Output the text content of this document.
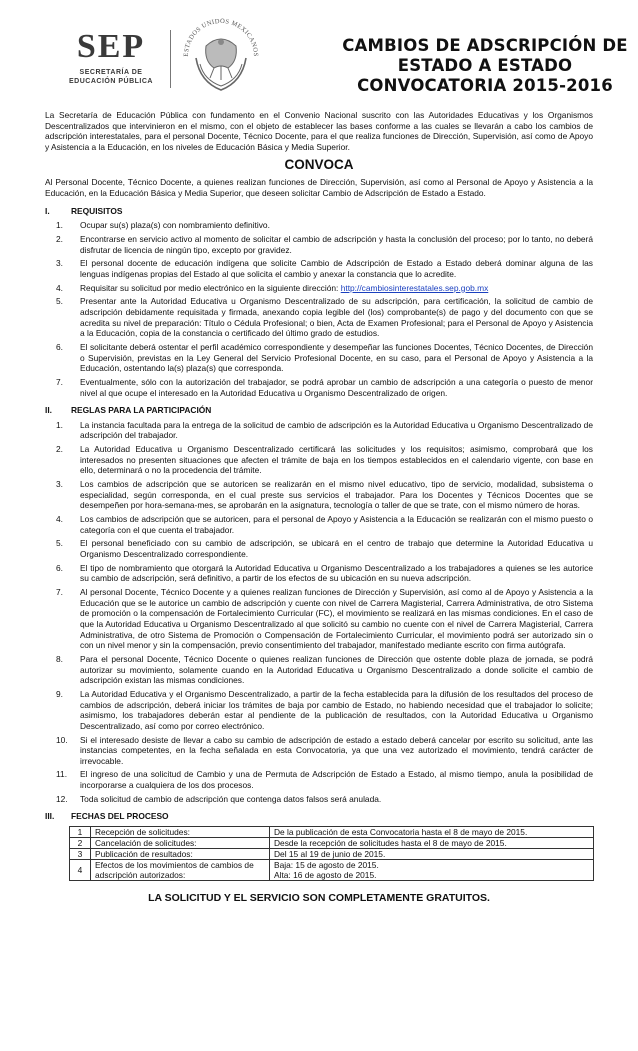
SEP
SECRETARÍA DE
EDUCACIÓN PÚBLICA
ESTADOS UNIDOS MEXICANOS	CAMBIOS DE ADSCRIPCIÓN DE
ESTADO A ESTADO
CONVOCATORIA 2015-2016

La Secretaría de Educación Pública con fundamento en el Convenio Nacional suscrito con las Autoridades Educativas y los Organismos Descentralizados que intervinieron en el mismo, con el objeto de establecer las bases conforme a las cuales se llevarán a cabo los cambios de adscripción interestatales, para el personal Docente, Técnico Docente, para el que realiza funciones de Dirección, Supervisión, así como de Apoyo y Asistencia a la Educación, en los niveles de Educación Básica y Media Superior.

CONVOCA

Al Personal Docente, Técnico Docente, a quienes realizan funciones de Dirección, Supervisión, así como al Personal de Apoyo y Asistencia a la Educación, en la Educación Básica y Media Superior, que deseen solicitar Cambio de Adscripción de Estado a Estado.

I.	REQUISITOS
1. Ocupar su(s) plaza(s) con nombramiento definitivo.
2. Encontrarse en servicio activo al momento de solicitar el cambio de adscripción y hasta la conclusión del proceso; por lo tanto, no deberá disfrutar de licencia de ningún tipo, excepto por gravidez.
3. El personal docente de educación indígena que solicite Cambio de Adscripción de Estado a Estado deberá dominar alguna de las lenguas indígenas propias del Estado al que solicita el cambio y anexar la constancia que lo acredite.
4. Requisitar su solicitud por medio electrónico en la siguiente dirección: http://cambiosinterestatales.sep.gob.mx
5. Presentar ante la Autoridad Educativa u Organismo Descentralizado de su adscripción, para certificación, la solicitud de cambio de adscripción debidamente requisitada y firmada, anexando copia legible del (los) comprobante(s) de pago y del documento con que se acredita su nivel de preparación: Título o Cédula Profesional; o bien, Acta de Examen Profesional; para el Personal de Apoyo y Asistencia a la Educación, copia de la constancia o certificado del último grado de estudios.
6. El solicitante deberá ostentar el perfil académico correspondiente y desempeñar las funciones Docentes, Técnico Docentes, de Dirección o Supervisión, previstas en la Ley General del Servicio Profesional Docente, en su caso, para el Personal de Apoyo y Asistencia a la Educación, ostentando la(s) plaza(s) que corresponda.
7. Eventualmente, sólo con la autorización del trabajador, se podrá aprobar un cambio de adscripción a una categoría o puesto de menor nivel al que ocupe el interesado en la Autoridad Educativa u Organismo Descentralizado de origen.
II. REGLAS PARA LA PARTICIPACIÓN
1. La instancia facultada para la entrega de la solicitud de cambio de adscripción es la Autoridad Educativa u Organismo Descentralizado de adscripción del trabajador.
2. La Autoridad Educativa u Organismo Descentralizado certificará las solicitudes y los requisitos; asimismo, comprobará que los interesados no presenten situaciones que afecten el trámite de baja en los tiempos establecidos en el calendario vigente, con base en ello, determinará o no la procedencia del trámite.
3. Los cambios de adscripción que se autoricen se realizarán en el mismo nivel educativo, tipo de servicio, modalidad, subsistema o especialidad, según corresponda, en el cual preste sus servicios el trabajador. Para los Docentes y Técnicos Docentes que se desempeñen por hora-semana-mes, se aprobarán en la asignatura, tecnología o taller de que se trate, con el mismo número de horas.
4. Los cambios de adscripción que se autoricen, para el personal de Apoyo y Asistencia a la Educación se realizarán con el mismo puesto o categoría con el que cuenta el trabajador.
5. El personal beneficiado con su cambio de adscripción, se ubicará en el centro de trabajo que determine la Autoridad Educativa u Organismo Descentralizado correspondiente.
6. El tipo de nombramiento que otorgará la Autoridad Educativa u Organismo Descentralizado a los trabajadores a quienes se les autorice su cambio de adscripción, será definitivo, a partir de los efectos de su ubicación en su nueva adscripción.
7. Al personal Docente, Técnico Docente y a quienes realizan funciones de Dirección y Supervisión, así como al de Apoyo y Asistencia a la Educación que se le autorice un cambio de adscripción y cuente con nivel de Carrera Magisterial, Carrera Administrativa, de otro Sistema de promoción o la compensación de Fortalecimiento Curricular (FC), el movimiento se realizará en las mismas condiciones. En el caso de que la Autoridad Educativa u Organismo Descentralizado al que solicitó su cambio no cuente con el nivel de Carrera Magisterial, Carrera Administrativa, de otro Sistema de Promoción o Compensación de Fortalecimiento Curricular, el movimiento podrá ser autorizado sin o con un nivel menor y sin la compensación, previo consentimiento del trabajador, manifestado mediante escrito con firma autógrafa.
8. Para el personal Docente, Técnico Docente o quienes realizan funciones de Dirección que ostente doble plaza de jornada, se podrá autorizar su movimiento, solamente cuando en la Autoridad Educativa u Organismo Descentralizado a donde solicite el cambio de adscripción existan las mismas condiciones.
9. La Autoridad Educativa y el Organismo Descentralizado, a partir de la fecha establecida para la difusión de los resultados del proceso de cambios de adscripción, deberá iniciar los trámites de baja por cambio de Estado, no habiendo necesidad que el trabajador lo solicite; asimismo, los trabajadores deberán estar al pendiente de la publicación de resultados, con la Autoridad Educativa u Organismo Descentralizado, así como por correo electrónico.
10. Si el interesado desiste de llevar a cabo su cambio de adscripción de estado a estado deberá cancelar por escrito su solicitud, ante las instancias competentes, en la fecha señalada en esta Convocatoria, ya que una vez autorizado el movimiento, tendrá carácter de irrevocable.
11. El ingreso de una solicitud de Cambio y una de Permuta de Adscripción de Estado a Estado, al mismo tiempo, anula la posibilidad de incorporarse a cualquiera de los dos procesos.
12. Toda solicitud de cambio de adscripción que contenga datos falsos será anulada.
III. FECHAS DEL PROCESO
1	Recepción de solicitudes:	De la publicación de esta Convocatoria hasta el 8 de mayo de 2015.
2	Cancelación de solicitudes:	Desde la recepción de solicitudes hasta el 8 de mayo de 2015.
3	Publicación de resultados:	Del 15 al 19 de junio de 2015.
4	Efectos de los movimientos de cambios de adscripción autorizados:	Baja: 15 de agosto de 2015.
Alta: 16 de agosto de 2015.
LA SOLICITUD Y EL SERVICIO SON COMPLETAMENTE GRATUITOS.
